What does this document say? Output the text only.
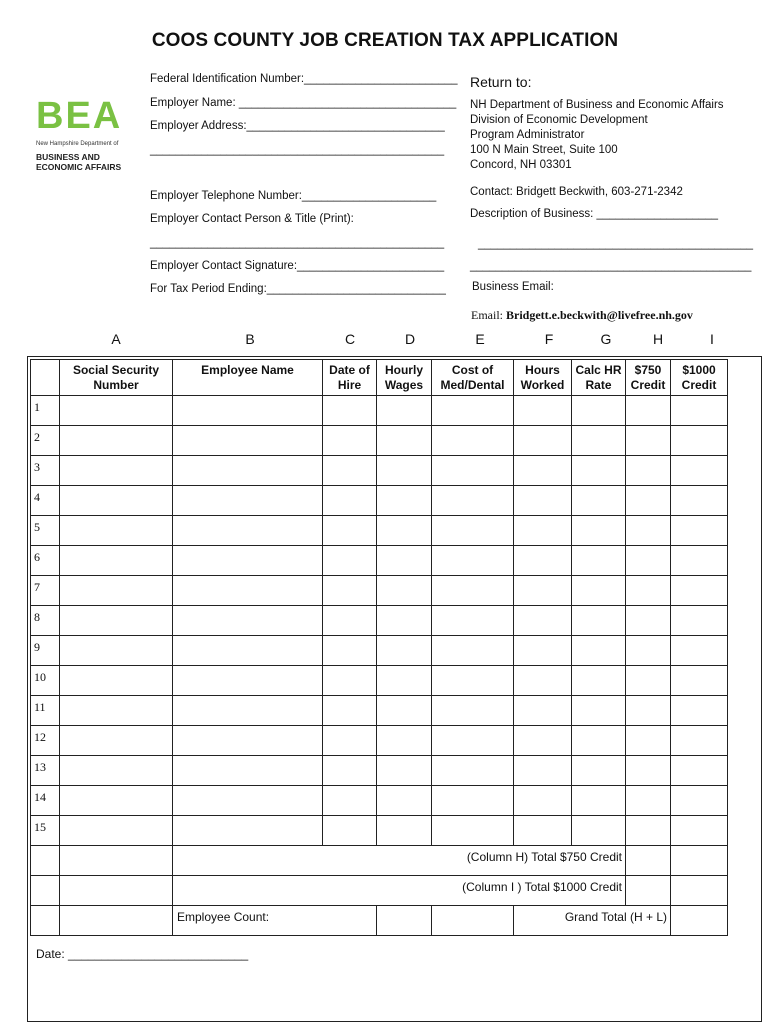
COOS COUNTY JOB CREATION TAX APPLICATION
BEA
New Hampshire Department of
BUSINESS AND
ECONOMIC AFFAIRS
Federal Identification Number:________________________
Employer Name: __________________________________
Employer Address:_______________________________
______________________________________________
Employer Telephone Number:_____________________
Employer Contact Person & Title (Print):
______________________________________________
Employer Contact Signature:_______________________
For Tax Period Ending:____________________________
Return to:
NH Department of Business and Economic Affairs
Division of Economic Development
Program Administrator
100 N Main Street, Suite 100
Concord, NH 03301
Contact: Bridgett Beckwith, 603-271-2342
Description of Business: ___________________
___________________________________________
____________________________________________
Business Email:
Email: Bridgett.e.beckwith@livefree.nh.gov
A	B	C	D	E	F	G	H	I

	Social Security Number	Employee Name	Date of Hire	Hourly Wages	Cost of Med/Dental	Hours Worked	Calc HR Rate	$750 Credit	$1000 Credit

1									
2									
3									
4									
5									
6									
7									
8									
9									
10									
11									
12									
13									
14									
15									
		(Column H) Total $750 Credit							
		(Column I ) Total $1000 Credit							
		Employee Count:				Grand Total (H + L)			
Date: ___________________________
